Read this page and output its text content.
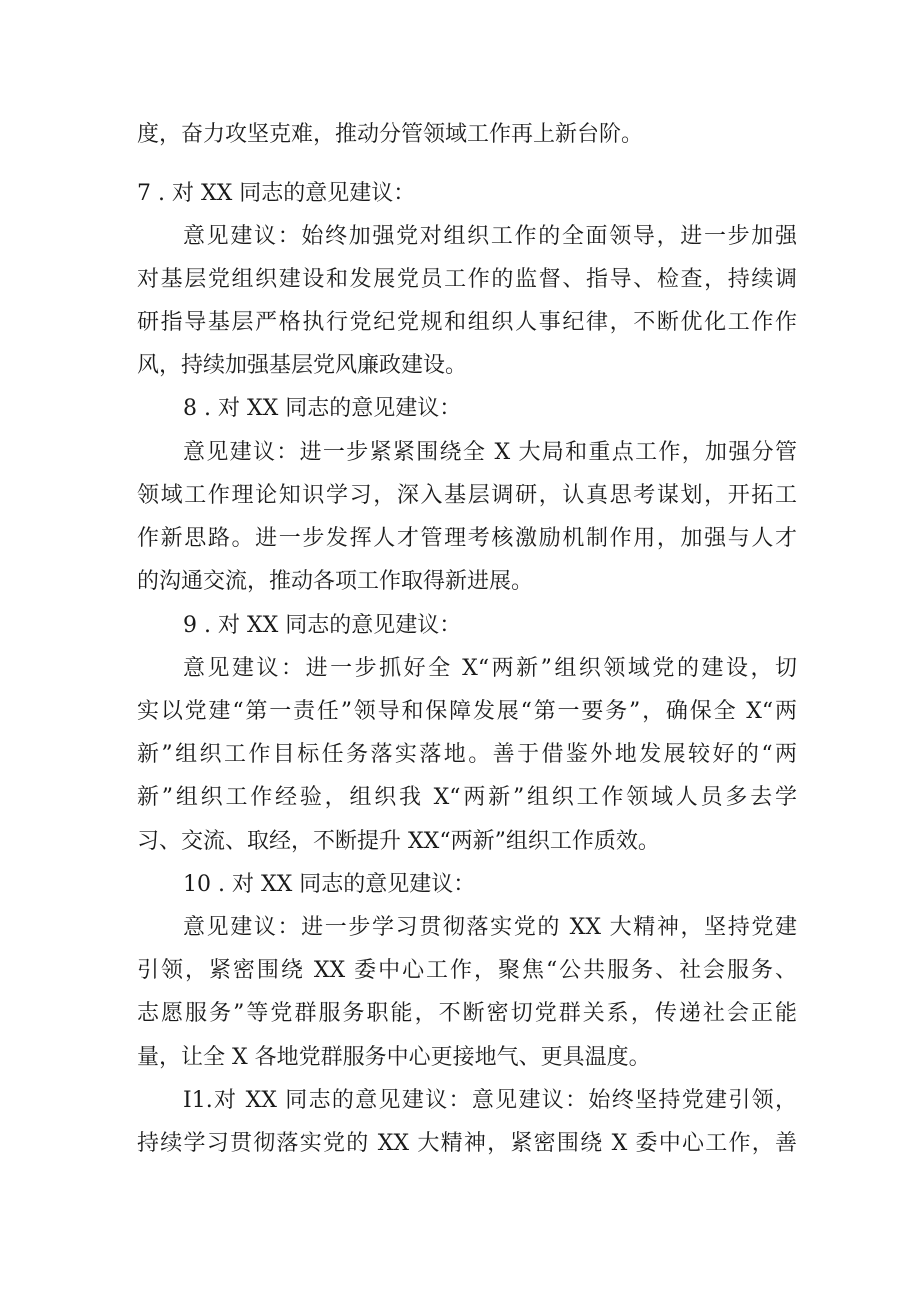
度，奋力攻坚克难，推动分管领域工作再上新台阶。
7 . 对 XX 同志的意见建议：
意见建议：始终加强党对组织工作的全面领导，进一步加强
对基层党组织建设和发展党员工作的监督、指导、检查，持续调
研指导基层严格执行党纪党规和组织人事纪律，不断优化工作作
风，持续加强基层党风廉政建设。
8 . 对 XX 同志的意见建议：
意见建议：进一步紧紧围绕全 X 大局和重点工作，加强分管
领域工作理论知识学习，深入基层调研，认真思考谋划，开拓工
作新思路。进一步发挥人才管理考核激励机制作用，加强与人才
的沟通交流，推动各项工作取得新进展。
9 . 对 XX 同志的意见建议：
意见建议：进一步抓好全 X“两新”组织领域党的建设，切
实以党建“第一责任”领导和保障发展“第一要务”，确保全 X“两
新”组织工作目标任务落实落地。善于借鉴外地发展较好的“两
新”组织工作经验，组织我 X“两新”组织工作领域人员多去学
习、交流、取经，不断提升 XX“两新”组织工作质效。
10 . 对 XX 同志的意见建议：
意见建议：进一步学习贯彻落实党的 XX 大精神，坚持党建
引领，紧密围绕 XX 委中心工作，聚焦“公共服务、社会服务、
志愿服务”等党群服务职能，不断密切党群关系，传递社会正能
量，让全 X 各地党群服务中心更接地气、更具温度。
I1.对 XX 同志的意见建议：意见建议：始终坚持党建引领，
持续学习贯彻落实党的 XX 大精神，紧密围绕 X 委中心工作，善
